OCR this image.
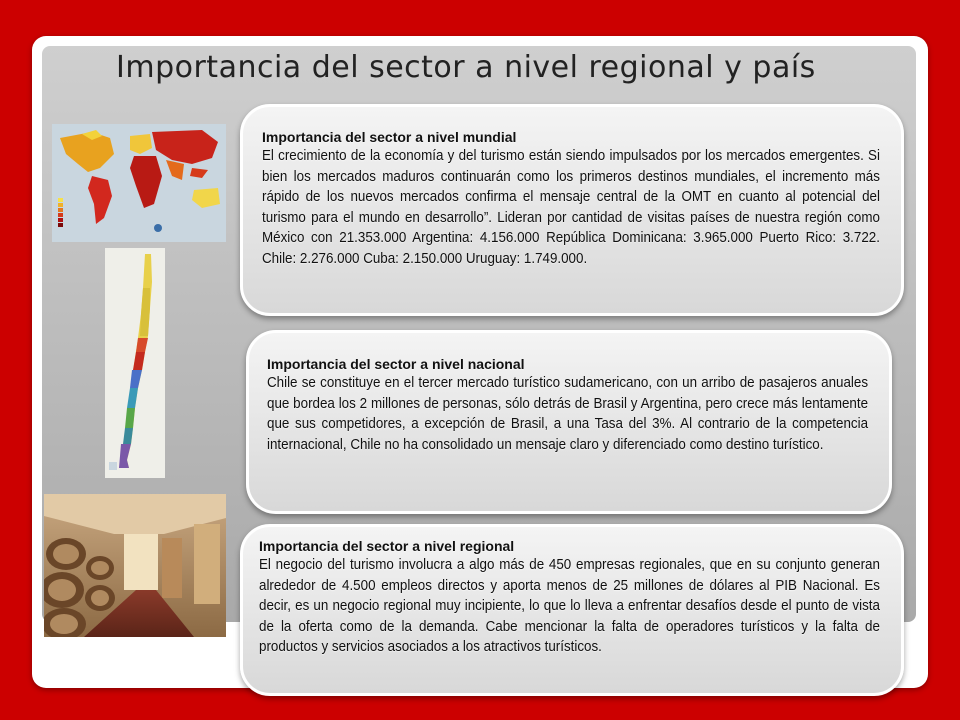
Importancia del sector a nivel regional y país
Importancia del sector a nivel mundial
El crecimiento de la economía y del turismo están siendo impulsados por los mercados emergentes. Si bien los mercados maduros continuarán como los primeros destinos mundiales, el incremento más rápido de los nuevos mercados confirma el mensaje central de la OMT en cuanto al potencial del turismo para el mundo en desarrollo”. Lideran por cantidad de visitas países de nuestra región como México con 21.353.000 Argentina: 4.156.000 República Dominicana: 3.965.000 Puerto Rico: 3.722. Chile: 2.276.000 Cuba: 2.150.000 Uruguay: 1.749.000.
Importancia del sector a nivel nacional
Chile se constituye en el tercer mercado turístico sudamericano, con un arribo de pasajeros anuales que bordea los 2 millones de personas, sólo detrás de Brasil y Argentina, pero crece más lentamente que sus competidores, a excepción de Brasil, a una Tasa del 3%. Al contrario de la competencia internacional, Chile no ha consolidado un mensaje claro y diferenciado como destino turístico.
Importancia del sector a nivel regional
El negocio del turismo involucra a algo más de 450 empresas regionales, que en su conjunto generan alrededor de 4.500 empleos directos y aporta menos de 25 millones de dólares al PIB Nacional. Es decir, es un negocio regional muy incipiente, lo que lo lleva a enfrentar desafíos desde el punto de vista de la oferta como de la demanda. Cabe mencionar la falta de operadores turísticos y la falta de productos y servicios asociados a los atractivos turísticos.
